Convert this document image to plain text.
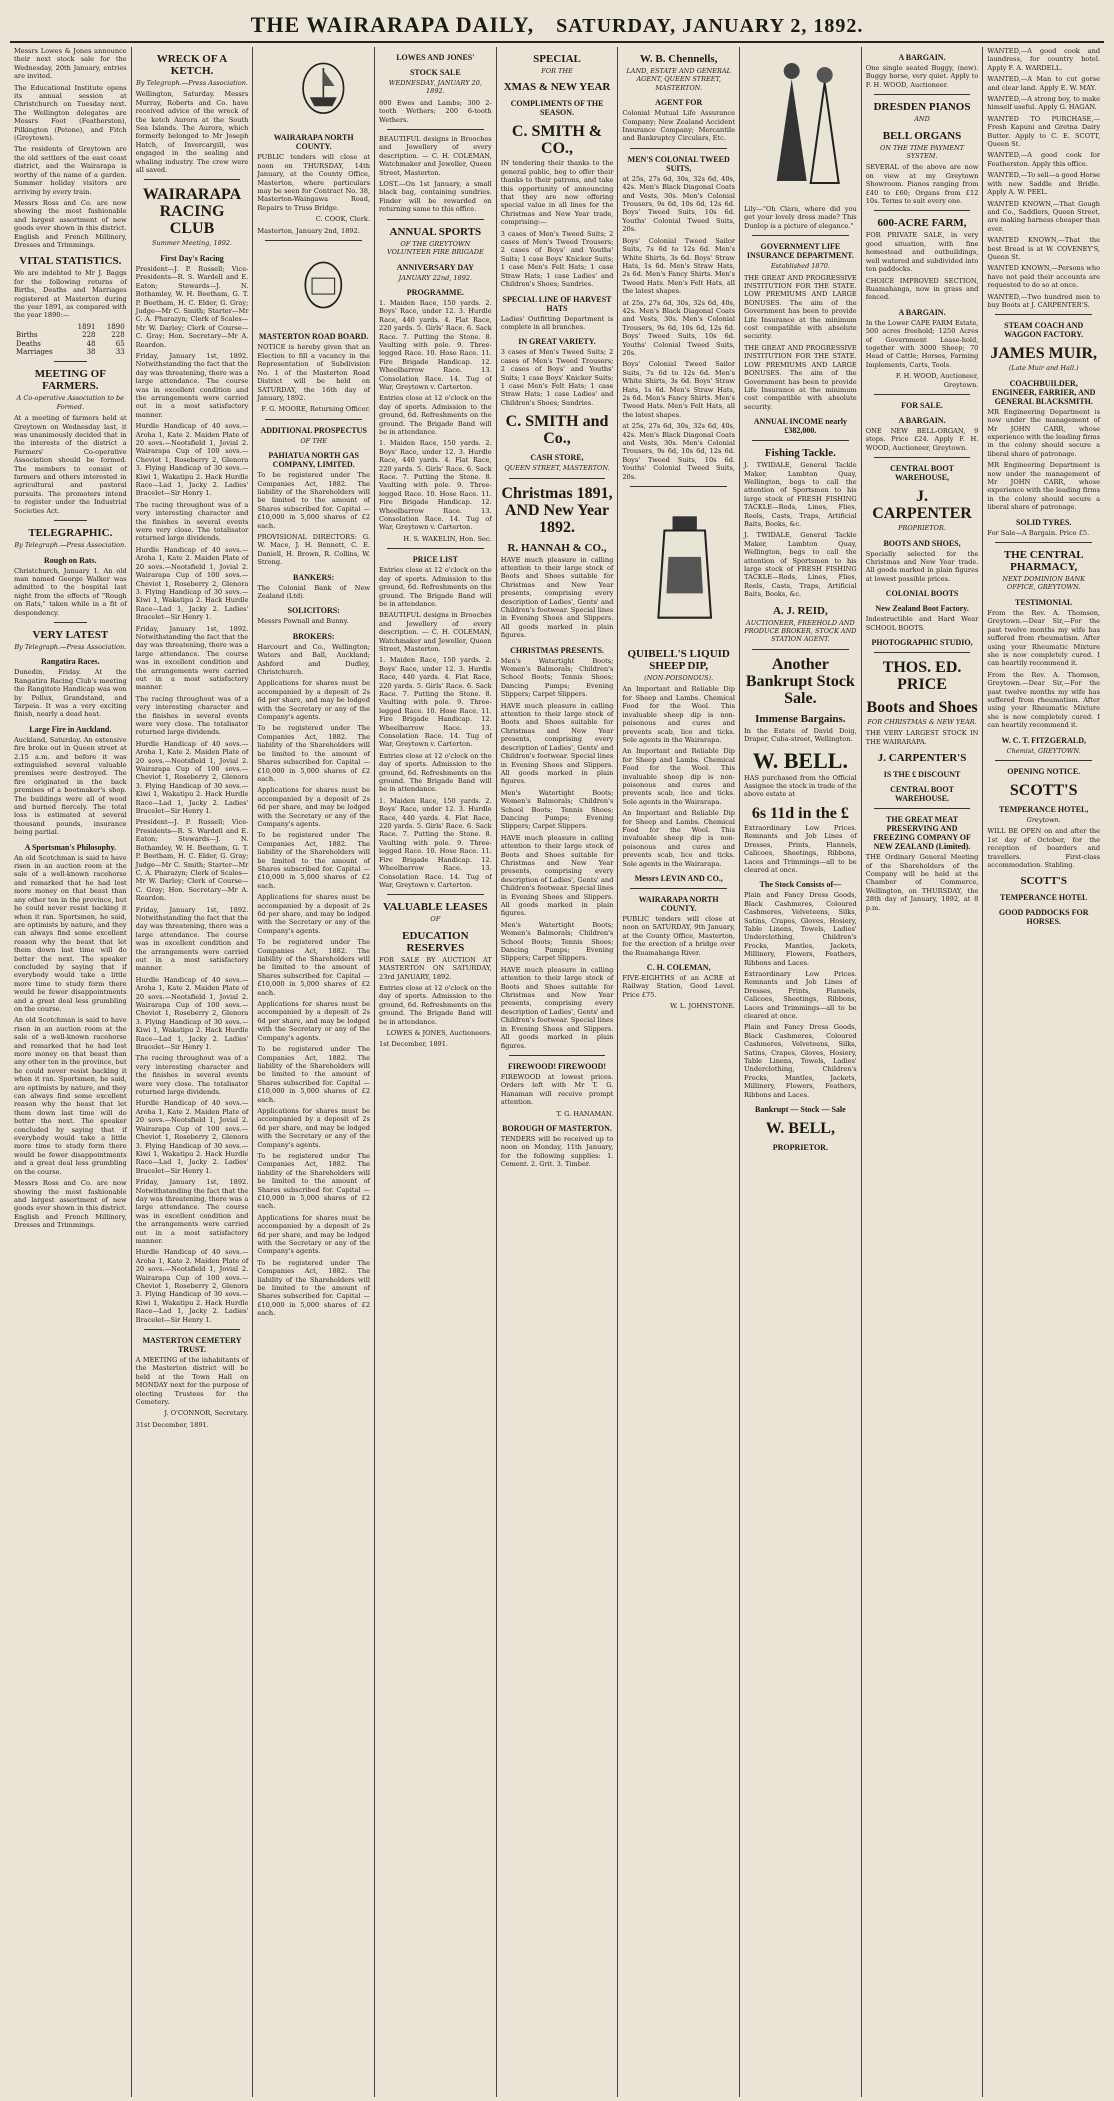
THE WAIRARAPA DAILY, SATURDAY, JANUARY 2, 1892.

Messrs Lowes & Jones announce their next stock sale for the Wednesday, 20th January, entries are invited.

The Educational Institute opens its annual session at Christchurch on Tuesday next. The Wellington delegates are Messrs Foot (Featherston), Pilkington (Petone), and Fitch (Greytown).

The residents of Greytown are the old settlers of the east coast district, and the Wairarapa is worthy of the name of a garden. Summer holiday visitors are arriving by every train.

Messrs Ross and Co. are now showing the most fashionable and largest assortment of new goods ever shown in this district. English and French Millinery, Dresses and Trimmings.

VITAL STATISTICS.

We are indebted to Mr J. Baggs for the following returns of Births, Deaths and Marriages registered at Masterton during the year 1891, as compared with the year 1890:—

	1891	1890
Births	228	228
Deaths	48	65
Marriages	38	33
MEETING OF FARMERS.
A Co-operative Association to be Formed.

At a meeting of farmers held at Greytown on Wednesday last, it was unanimously decided that in the interests of the district a Farmers' Co-operative Association should be formed. The members to consist of farmers and others interested in agricultural and pastoral pursuits. The promoters intend to register under the Industrial Societies Act.

TELEGRAPHIC.
By Telegraph.—Press Association.
Rough on Rats.

Christchurch, January 1. An old man named George Walker was admitted to the hospital last night from the effects of "Rough on Rats," taken while in a fit of despondency.

VERY LATEST
By Telegraph.—Press Association.
Rangatira Races.

Dunedin, Friday. At the Rangatira Racing Club's meeting the Rangitoto Handicap was won by Pollux, Grandstand, and Tarpeia. It was a very exciting finish, nearly a dead heat.

Large Fire in Auckland.

Auckland, Saturday. An extensive fire broke out in Queen street at 2.15 a.m. and before it was extinguished several valuable premises were destroyed. The fire originated in the back premises of a bootmaker's shop. The buildings were all of wood and burned fiercely. The total loss is estimated at several thousand pounds, insurance being partial.

A Sportsman's Philosophy.

An old Scotchman is said to have risen in an auction room at the sale of a well-known racehorse and remarked that he had lost more money on that beast than any other ten in the province, but he could never resist backing it when it ran. Sportsmen, he said, are optimists by nature, and they can always find some excellent reason why the beast that let them down last time will do better the next. The speaker concluded by saying that if everybody would take a little more time to study form there would be fewer disappointments and a great deal less grumbling on the course.

An old Scotchman is said to have risen in an auction room at the sale of a well-known racehorse and remarked that he had lost more money on that beast than any other ten in the province, but he could never resist backing it when it ran. Sportsmen, he said, are optimists by nature, and they can always find some excellent reason why the beast that let them down last time will do better the next. The speaker concluded by saying that if everybody would take a little more time to study form there would be fewer disappointments and a great deal less grumbling on the course.

Messrs Ross and Co. are now showing the most fashionable and largest assortment of new goods ever shown in this district. English and French Millinery, Dresses and Trimmings.

WRECK OF A KETCH.
By Telegraph.—Press Association.

Wellington, Saturday. Messrs Murray, Roberts and Co. have received advice of the wreck of the ketch Aurora at the South Sea Islands. The Aurora, which formerly belonged to Mr Joseph Hatch, of Invercargill, was engaged in the sealing and whaling industry. The crew were all saved.

WAIRARAPA RACING CLUB
Summer Meeting, 1892.
First Day's Racing

President—J. P. Russell; Vice-Presidents—R. S. Wardell and E. Eaton; Stewards—J. N. Bothamley, W. H. Beetham, G. T. P. Beetham, H. C. Elder, G. Gray; Judge—Mr C. Smith; Starter—Mr C. A. Pharazyn; Clerk of Scales—Mr W. Darley; Clerk of Course—C. Gray; Hon. Secretary—Mr A. Reardon.

Friday, January 1st, 1892. Notwithstanding the fact that the day was threatening, there was a large attendance. The course was in excellent condition and the arrangements were carried out in a most satisfactory manner.

Hurdle Handicap of 40 sovs.—Aroha 1, Kate 2. Maiden Plate of 20 sovs.—Neotsfield 1, Jovial 2. Wairarapa Cup of 100 sovs.—Cheviot 1, Roseberry 2, Glenora 3. Flying Handicap of 30 sovs.—Kiwi 1, Wakatipu 2. Hack Hurdle Race—Lad 1, Jacky 2. Ladies' Bracelet—Sir Henry 1.

The racing throughout was of a very interesting character and the finishes in several events were very close. The totalisator returned large dividends.

Hurdle Handicap of 40 sovs.—Aroha 1, Kate 2. Maiden Plate of 20 sovs.—Neotsfield 1, Jovial 2. Wairarapa Cup of 100 sovs.—Cheviot 1, Roseberry 2, Glenora 3. Flying Handicap of 30 sovs.—Kiwi 1, Wakatipu 2. Hack Hurdle Race—Lad 1, Jacky 2. Ladies' Bracelet—Sir Henry 1.

Friday, January 1st, 1892. Notwithstanding the fact that the day was threatening, there was a large attendance. The course was in excellent condition and the arrangements were carried out in a most satisfactory manner.

The racing throughout was of a very interesting character and the finishes in several events were very close. The totalisator returned large dividends.

Hurdle Handicap of 40 sovs.—Aroha 1, Kate 2. Maiden Plate of 20 sovs.—Neotsfield 1, Jovial 2. Wairarapa Cup of 100 sovs.—Cheviot 1, Roseberry 2, Glenora 3. Flying Handicap of 30 sovs.—Kiwi 1, Wakatipu 2. Hack Hurdle Race—Lad 1, Jacky 2. Ladies' Bracelet—Sir Henry 1.

President—J. P. Russell; Vice-Presidents—R. S. Wardell and E. Eaton; Stewards—J. N. Bothamley, W. H. Beetham, G. T. P. Beetham, H. C. Elder, G. Gray; Judge—Mr C. Smith; Starter—Mr C. A. Pharazyn; Clerk of Scales—Mr W. Darley; Clerk of Course—C. Gray; Hon. Secretary—Mr A. Reardon.

Friday, January 1st, 1892. Notwithstanding the fact that the day was threatening, there was a large attendance. The course was in excellent condition and the arrangements were carried out in a most satisfactory manner.

Hurdle Handicap of 40 sovs.—Aroha 1, Kate 2. Maiden Plate of 20 sovs.—Neotsfield 1, Jovial 2. Wairarapa Cup of 100 sovs.—Cheviot 1, Roseberry 2, Glenora 3. Flying Handicap of 30 sovs.—Kiwi 1, Wakatipu 2. Hack Hurdle Race—Lad 1, Jacky 2. Ladies' Bracelet—Sir Henry 1.

The racing throughout was of a very interesting character and the finishes in several events were very close. The totalisator returned large dividends.

Hurdle Handicap of 40 sovs.—Aroha 1, Kate 2. Maiden Plate of 20 sovs.—Neotsfield 1, Jovial 2. Wairarapa Cup of 100 sovs.—Cheviot 1, Roseberry 2, Glenora 3. Flying Handicap of 30 sovs.—Kiwi 1, Wakatipu 2. Hack Hurdle Race—Lad 1, Jacky 2. Ladies' Bracelet—Sir Henry 1.

Friday, January 1st, 1892. Notwithstanding the fact that the day was threatening, there was a large attendance. The course was in excellent condition and the arrangements were carried out in a most satisfactory manner.

Hurdle Handicap of 40 sovs.—Aroha 1, Kate 2. Maiden Plate of 20 sovs.—Neotsfield 1, Jovial 2. Wairarapa Cup of 100 sovs.—Cheviot 1, Roseberry 2, Glenora 3. Flying Handicap of 30 sovs.—Kiwi 1, Wakatipu 2. Hack Hurdle Race—Lad 1, Jacky 2. Ladies' Bracelet—Sir Henry 1.

MASTERTON CEMETERY TRUST.

A MEETING of the inhabitants of the Masterton district will be held at the Town Hall on MONDAY next for the purpose of electing Trustees for the Cemetery.

J. O'CONNOR, Secretary.

31st December, 1891.

WAIRARAPA NORTH COUNTY.

PUBLIC tenders will close at noon on THURSDAY, 14th January, at the County Office, Masterton, where particulars may be seen for Contract No. 38, Masterton-Waingawa Road, Repairs to Truss Bridge.

C. COOK, Clerk.

Masterton, January 2nd, 1892.

MASTERTON ROAD BOARD.

NOTICE is hereby given that an Election to fill a vacancy in the Representation of Subdivision No. 1 of the Masterton Road District will be held on SATURDAY, the 16th day of January, 1892.

F. G. MOORE, Returning Officer.

ADDITIONAL PROSPECTUS
OF THE
PAHIATUA NORTH GAS COMPANY, LIMITED.

To be registered under The Companies Act, 1882. The liability of the Shareholders will be limited to the amount of Shares subscribed for. Capital — £10,000 in 5,000 shares of £2 each.

PROVISIONAL DIRECTORS: G. W. Mace, J. H. Bennett, C. E. Daniell, H. Brown, R. Collins, W. Strong.

BANKERS:

The Colonial Bank of New Zealand (Ltd).

SOLICITORS:

Messrs Pownall and Bunny.

BROKERS:

Harcourt and Co., Wellington; Waters and Ball, Auckland; Ashford and Dudley, Christchurch.

Applications for shares must be accompanied by a deposit of 2s 6d per share, and may be lodged with the Secretary or any of the Company's agents.

To be registered under The Companies Act, 1882. The liability of the Shareholders will be limited to the amount of Shares subscribed for. Capital — £10,000 in 5,000 shares of £2 each.

Applications for shares must be accompanied by a deposit of 2s 6d per share, and may be lodged with the Secretary or any of the Company's agents.

To be registered under The Companies Act, 1882. The liability of the Shareholders will be limited to the amount of Shares subscribed for. Capital — £10,000 in 5,000 shares of £2 each.

Applications for shares must be accompanied by a deposit of 2s 6d per share, and may be lodged with the Secretary or any of the Company's agents.

To be registered under The Companies Act, 1882. The liability of the Shareholders will be limited to the amount of Shares subscribed for. Capital — £10,000 in 5,000 shares of £2 each.

Applications for shares must be accompanied by a deposit of 2s 6d per share, and may be lodged with the Secretary or any of the Company's agents.

To be registered under The Companies Act, 1882. The liability of the Shareholders will be limited to the amount of Shares subscribed for. Capital — £10,000 in 5,000 shares of £2 each.

Applications for shares must be accompanied by a deposit of 2s 6d per share, and may be lodged with the Secretary or any of the Company's agents.

To be registered under The Companies Act, 1882. The liability of the Shareholders will be limited to the amount of Shares subscribed for. Capital — £10,000 in 5,000 shares of £2 each.

Applications for shares must be accompanied by a deposit of 2s 6d per share, and may be lodged with the Secretary or any of the Company's agents.

To be registered under The Companies Act, 1882. The liability of the Shareholders will be limited to the amount of Shares subscribed for. Capital — £10,000 in 5,000 shares of £2 each.

LOWES AND JONES'
STOCK SALE
WEDNESDAY, JANUARY 20, 1892.

800 Ewes and Lambs; 300 2-tooth Wethers; 200 6-tooth Wethers.

BEAUTIFUL designs in Brooches and Jewellery of every description. — C. H. COLEMAN, Watchmaker and Jeweller, Queen Street, Masterton.

LOST.—On 1st January, a small black bag, containing sundries. Finder will be rewarded on returning same to this office.

ANNUAL SPORTS
OF THE GREYTOWN VOLUNTEER FIRE BRIGADE
ANNIVERSARY DAY
JANUARY 22nd, 1892.
PROGRAMME.

1. Maiden Race, 150 yards. 2. Boys' Race, under 12. 3. Hurdle Race, 440 yards. 4. Flat Race, 220 yards. 5. Girls' Race. 6. Sack Race. 7. Putting the Stone. 8. Vaulting with pole. 9. Three-legged Race. 10. Hose Race. 11. Fire Brigade Handicap. 12. Wheelbarrow Race. 13. Consolation Race. 14. Tug of War, Greytown v. Carterton.

Entries close at 12 o'clock on the day of sports. Admission to the ground, 6d. Refreshments on the ground. The Brigade Band will be in attendance.

1. Maiden Race, 150 yards. 2. Boys' Race, under 12. 3. Hurdle Race, 440 yards. 4. Flat Race, 220 yards. 5. Girls' Race. 6. Sack Race. 7. Putting the Stone. 8. Vaulting with pole. 9. Three-legged Race. 10. Hose Race. 11. Fire Brigade Handicap. 12. Wheelbarrow Race. 13. Consolation Race. 14. Tug of War, Greytown v. Carterton.

H. S. WAKELIN, Hon. Sec.

PRICE LIST

Entries close at 12 o'clock on the day of sports. Admission to the ground, 6d. Refreshments on the ground. The Brigade Band will be in attendance.

BEAUTIFUL designs in Brooches and Jewellery of every description. — C. H. COLEMAN, Watchmaker and Jeweller, Queen Street, Masterton.

1. Maiden Race, 150 yards. 2. Boys' Race, under 12. 3. Hurdle Race, 440 yards. 4. Flat Race, 220 yards. 5. Girls' Race. 6. Sack Race. 7. Putting the Stone. 8. Vaulting with pole. 9. Three-legged Race. 10. Hose Race. 11. Fire Brigade Handicap. 12. Wheelbarrow Race. 13. Consolation Race. 14. Tug of War, Greytown v. Carterton.

Entries close at 12 o'clock on the day of sports. Admission to the ground, 6d. Refreshments on the ground. The Brigade Band will be in attendance.

1. Maiden Race, 150 yards. 2. Boys' Race, under 12. 3. Hurdle Race, 440 yards. 4. Flat Race, 220 yards. 5. Girls' Race. 6. Sack Race. 7. Putting the Stone. 8. Vaulting with pole. 9. Three-legged Race. 10. Hose Race. 11. Fire Brigade Handicap. 12. Wheelbarrow Race. 13. Consolation Race. 14. Tug of War, Greytown v. Carterton.

VALUABLE LEASES
OF
EDUCATION RESERVES

FOR SALE BY AUCTION AT MASTERTON ON SATURDAY, 23rd JANUARY, 1892.

Entries close at 12 o'clock on the day of sports. Admission to the ground, 6d. Refreshments on the ground. The Brigade Band will be in attendance.

LOWES & JONES, Auctioneers.

1st December, 1891.

SPECIAL
FOR THE
XMAS & NEW YEAR
COMPLIMENTS OF THE SEASON.
C. SMITH & CO.,

IN tendering their thanks to the general public, beg to offer their thanks to their patrons, and take this opportunity of announcing that they are now offering special value in all lines for the Christmas and New Year trade, comprising:—

3 cases of Men's Tweed Suits; 2 cases of Men's Tweed Trousers; 2 cases of Boys' and Youths' Suits; 1 case Boys' Knicker Suits; 1 case Men's Felt Hats; 1 case Straw Hats; 1 case Ladies' and Children's Shoes; Sundries.

SPECIAL LINE OF HARVEST HATS

Ladies' Outfitting Department is complete in all branches.

IN GREAT VARIETY.

3 cases of Men's Tweed Suits; 2 cases of Men's Tweed Trousers; 2 cases of Boys' and Youths' Suits; 1 case Boys' Knicker Suits; 1 case Men's Felt Hats; 1 case Straw Hats; 1 case Ladies' and Children's Shoes; Sundries.

C. SMITH and Co.,
CASH STORE,
QUEEN STREET, MASTERTON.
Christmas 1891, AND New Year 1892.
R. HANNAH & CO.,

HAVE much pleasure in calling attention to their large stock of Boots and Shoes suitable for Christmas and New Year presents, comprising every description of Ladies', Gents' and Children's footwear. Special lines in Evening Shoes and Slippers. All goods marked in plain figures.

CHRISTMAS PRESENTS.

Men's Watertight Boots; Women's Balmorals; Children's School Boots; Tennis Shoes; Dancing Pumps; Evening Slippers; Carpet Slippers.

HAVE much pleasure in calling attention to their large stock of Boots and Shoes suitable for Christmas and New Year presents, comprising every description of Ladies', Gents' and Children's footwear. Special lines in Evening Shoes and Slippers. All goods marked in plain figures.

Men's Watertight Boots; Women's Balmorals; Children's School Boots; Tennis Shoes; Dancing Pumps; Evening Slippers; Carpet Slippers.

HAVE much pleasure in calling attention to their large stock of Boots and Shoes suitable for Christmas and New Year presents, comprising every description of Ladies', Gents' and Children's footwear. Special lines in Evening Shoes and Slippers. All goods marked in plain figures.

Men's Watertight Boots; Women's Balmorals; Children's School Boots; Tennis Shoes; Dancing Pumps; Evening Slippers; Carpet Slippers.

HAVE much pleasure in calling attention to their large stock of Boots and Shoes suitable for Christmas and New Year presents, comprising every description of Ladies', Gents' and Children's footwear. Special lines in Evening Shoes and Slippers. All goods marked in plain figures.

FIREWOOD! FIREWOOD!

FIREWOOD at lowest prices. Orders left with Mr T. G. Hanaman will receive prompt attention.

T. G. HANAMAN.

BOROUGH OF MASTERTON.

TENDERS will be received up to noon on Monday, 11th January, for the following supplies: 1. Cement. 2. Grit. 3. Timber.

W. B. Chennells,
LAND, ESTATE AND GENERAL AGENT, QUEEN STREET, MASTERTON.
AGENT FOR

Colonial Mutual Life Assurance Company; New Zealand Accident Insurance Company; Mercantile and Bankruptcy Circulars, Etc.

MEN'S COLONIAL TWEED SUITS,

at 25s, 27s 6d, 30s, 32s 6d, 40s, 42s. Men's Black Diagonal Coats and Vests, 30s. Men's Colonial Trousers, 9s 6d, 10s 6d, 12s 6d. Boys' Tweed Suits, 10s 6d. Youths' Colonial Tweed Suits, 20s.

Boys' Colonial Tweed Sailor Suits, 7s 6d to 12s 6d. Men's White Shirts, 3s 6d. Boys' Straw Hats, 1s 6d. Men's Straw Hats, 2s 6d. Men's Fancy Shirts. Men's Tweed Hats. Men's Felt Hats, all the latest shapes.

at 25s, 27s 6d, 30s, 32s 6d, 40s, 42s. Men's Black Diagonal Coats and Vests, 30s. Men's Colonial Trousers, 9s 6d, 10s 6d, 12s 6d. Boys' Tweed Suits, 10s 6d. Youths' Colonial Tweed Suits, 20s.

Boys' Colonial Tweed Sailor Suits, 7s 6d to 12s 6d. Men's White Shirts, 3s 6d. Boys' Straw Hats, 1s 6d. Men's Straw Hats, 2s 6d. Men's Fancy Shirts. Men's Tweed Hats. Men's Felt Hats, all the latest shapes.

at 25s, 27s 6d, 30s, 32s 6d, 40s, 42s. Men's Black Diagonal Coats and Vests, 30s. Men's Colonial Trousers, 9s 6d, 10s 6d, 12s 6d. Boys' Tweed Suits, 10s 6d. Youths' Colonial Tweed Suits, 20s.

QUIBELL'S LIQUID SHEEP DIP,
(NON-POISONOUS).

An Important and Reliable Dip for Sheep and Lambs. Chemical Food for the Wool. This invaluable sheep dip is non-poisonous and cures and prevents scab, lice and ticks. Sole agents in the Wairarapa.

An Important and Reliable Dip for Sheep and Lambs. Chemical Food for the Wool. This invaluable sheep dip is non-poisonous and cures and prevents scab, lice and ticks. Sole agents in the Wairarapa.

An Important and Reliable Dip for Sheep and Lambs. Chemical Food for the Wool. This invaluable sheep dip is non-poisonous and cures and prevents scab, lice and ticks. Sole agents in the Wairarapa.

Messrs LEVIN AND CO.,
WAIRARAPA NORTH COUNTY.

PUBLIC tenders will close at noon on SATURDAY, 9th January, at the County Office, Masterton, for the erection of a bridge over the Ruamahanga River.

C. H. COLEMAN,

FIVE-EIGHTHS of an ACRE at Railway Station, Good Level. Price £75.

W. L. JOHNSTONE.

Lily—"Oh Clara, where did you get your lovely dress made? This Dunlop is a picture of elegance."

GOVERNMENT LIFE INSURANCE DEPARTMENT.
Established 1870.

THE GREAT AND PROGRESSIVE INSTITUTION FOR THE STATE. LOW PREMIUMS AND LARGE BONUSES. The aim of the Government has been to provide Life Insurance at the minimum cost compatible with absolute security.

THE GREAT AND PROGRESSIVE INSTITUTION FOR THE STATE. LOW PREMIUMS AND LARGE BONUSES. The aim of the Government has been to provide Life Insurance at the minimum cost compatible with absolute security.

ANNUAL INCOME nearly £382,000.
Fishing Tackle.

J. TWIDALE, General Tackle Maker, Lambton Quay, Wellington, begs to call the attention of Sportsmen to his large stock of FRESH FISHING TACKLE—Rods, Lines, Flies, Reels, Casts, Traps, Artificial Baits, Books, &c.

J. TWIDALE, General Tackle Maker, Lambton Quay, Wellington, begs to call the attention of Sportsmen to his large stock of FRESH FISHING TACKLE—Rods, Lines, Flies, Reels, Casts, Traps, Artificial Baits, Books, &c.

A. J. REID,
AUCTIONEER, FREEHOLD AND PRODUCE BROKER, STOCK AND STATION AGENT.
Another Bankrupt Stock Sale.
Immense Bargains.

In the Estate of David Doig, Draper, Cuba-street, Wellington.

W. BELL.

HAS purchased from the Official Assignee the stock in trade of the above estate at

6s 11d in the £

Extraordinary Low Prices. Remnants and Job Lines of Dresses, Prints, Flannels, Calicoes, Sheetings, Ribbons, Laces and Trimmings—all to be cleared at once.

The Stock Consists of—

Plain and Fancy Dress Goods, Black Cashmeres, Coloured Cashmeres, Velveteens, Silks, Satins, Crapes, Gloves, Hosiery, Table Linens, Towels, Ladies' Underclothing, Children's Frocks, Mantles, Jackets, Millinery, Flowers, Feathers, Ribbons and Laces.

Extraordinary Low Prices. Remnants and Job Lines of Dresses, Prints, Flannels, Calicoes, Sheetings, Ribbons, Laces and Trimmings—all to be cleared at once.

Plain and Fancy Dress Goods, Black Cashmeres, Coloured Cashmeres, Velveteens, Silks, Satins, Crapes, Gloves, Hosiery, Table Linens, Towels, Ladies' Underclothing, Children's Frocks, Mantles, Jackets, Millinery, Flowers, Feathers, Ribbons and Laces.

Bankrupt — Stock — Sale
W. BELL,
PROPRIETOR.
A BARGAIN.

One single seated Buggy, (new). Buggy horse, very quiet. Apply to F. H. WOOD, Auctioneer.

DRESDEN PIANOS
AND
BELL ORGANS
ON THE TIME PAYMENT SYSTEM.

SEVERAL of the above are now on view at my Greytown Showroom. Pianos ranging from £40 to £60; Organs from £12 10s. Terms to suit every one.

600-ACRE FARM,

FOR PRIVATE SALE, in very good situation, with fine homestead and outbuildings, well watered and subdivided into ten paddocks.

CHOICE IMPROVED SECTION, Ruamahanga, now in grass and fenced.

A BARGAIN.

In the Lower CAPE FARM Estate, 500 acres freehold; 1250 Acres of Government Lease-hold, together with 3000 Sheep; 70 Head of Cattle; Horses, Farming Implements, Carts, Tools.

F. H. WOOD, Auctioneer, Greytown.

FOR SALE.
A BARGAIN.

ONE NEW BELL-ORGAN, 9 stops. Price £24. Apply F. H. WOOD, Auctioneer, Greytown.

CENTRAL BOOT WAREHOUSE,
J. CARPENTER
PROPRIETOR.
BOOTS AND SHOES,

Specially selected for the Christmas and New Year trade. All goods marked in plain figures at lowest possible prices.

COLONIAL BOOTS
New Zealand Boot Factory.

Indestructible and Hard Wear SCHOOL BOOTS.

PHOTOGRAPHIC STUDIO,
THOS. ED. PRICE
Boots and Shoes
FOR CHRISTMAS & NEW YEAR.

THE VERY LARGEST STOCK IN THE WAIRARAPA.

J. CARPENTER'S
IS THE £ DISCOUNT
CENTRAL BOOT WAREHOUSE.
THE GREAT MEAT PRESERVING AND FREEZING COMPANY OF NEW ZEALAND (Limited).

THE Ordinary General Meeting of the Shareholders of the Company will be held at the Chamber of Commerce, Wellington, on THURSDAY, the 28th day of January, 1892, at 8 p.m.

WANTED,—A good cook and laundress, for country hotel. Apply F. A. WARDELL.

WANTED,—A Man to cut gorse and clear land. Apply E. W. MAY.

WANTED,—A strong boy, to make himself useful. Apply G. HAGAN.

WANTED TO PURCHASE,—Fresh Kapuni and Gretna Dairy Butter. Apply to C. E. SCOTT, Queen St.

WANTED,—A good cook for Featherston. Apply this office.

WANTED,—To sell—a good Horse with new Saddle and Bridle. Apply A. W. PEEL.

WANTED KNOWN,—That Gough and Co., Saddlers, Queen Street, are making harness cheaper than ever.

WANTED KNOWN,—That the best Bread is at W. COVENEY'S, Queen St.

WANTED KNOWN,—Persons who have not paid their accounts are requested to do so at once.

WANTED,—Two hundred men to buy Boots at J. CARPENTER'S.

STEAM COACH AND WAGGON FACTORY.
JAMES MUIR,
(Late Muir and Hall.)
COACHBUILDER, ENGINEER, FARRIER, AND GENERAL BLACKSMITH.

MR Engineering Department is now under the management of Mr JOHN CARR, whose experience with the leading firms in the colony should secure a liberal share of patronage.

MR Engineering Department is now under the management of Mr JOHN CARR, whose experience with the leading firms in the colony should secure a liberal share of patronage.

SOLID TYRES.

For Sale—A Bargain. Price £5.

THE CENTRAL PHARMACY,
NEXT DOMINION BANK OFFICE, GREYTOWN.
TESTIMONIAL

From the Rev. A. Thomson, Greytown.—Dear Sir,—For the past twelve months my wife has suffered from rheumatism. After using your Rheumatic Mixture she is now completely cured. I can heartily recommend it.

From the Rev. A. Thomson, Greytown.—Dear Sir,—For the past twelve months my wife has suffered from rheumatism. After using your Rheumatic Mixture she is now completely cured. I can heartily recommend it.

W. C. T. FITZGERALD,
Chemist, GREYTOWN.
OPENING NOTICE.
SCOTT'S
TEMPERANCE HOTEL,
Greytown.

WILL BE OPEN on and after the 1st day of October, for the reception of boarders and travellers. First-class accommodation. Stabling.

SCOTT'S
TEMPERANCE HOTEL
GOOD PADDOCKS FOR HORSES.
